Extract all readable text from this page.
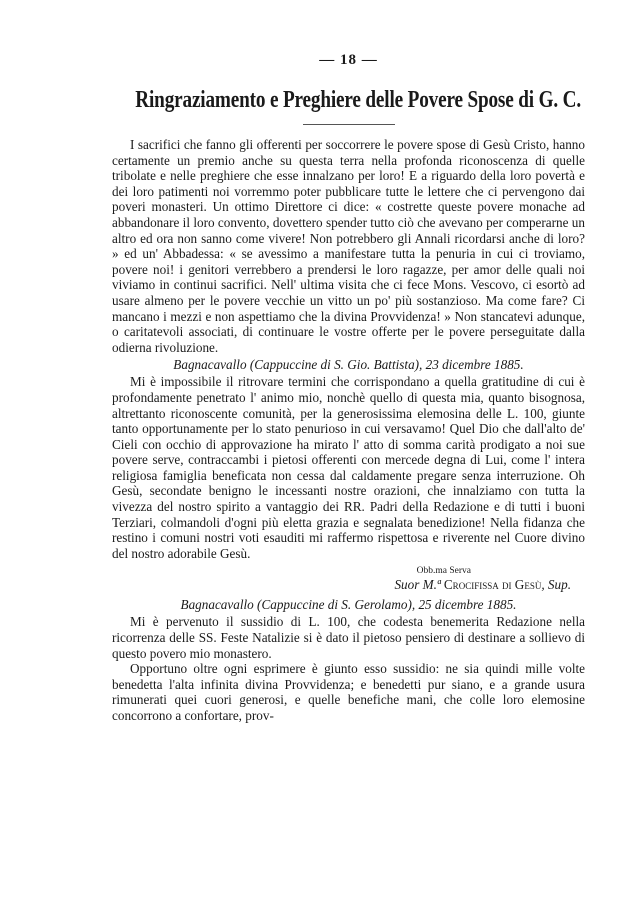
— 18 —
Ringraziamento e Preghiere delle Povere Spose di G. C.

I sacrifici che fanno gli offerenti per soccorrere le povere spose di Gesù Cristo, hanno certamente un premio anche su questa terra nella profonda riconoscenza di quelle tribolate e nelle preghiere che esse innalzano per loro! E a riguardo della loro povertà e dei loro patimenti noi vorremmo poter pubblicare tutte le lettere che ci pervengono dai poveri monasteri. Un ottimo Direttore ci dice: « costrette queste povere monache ad abbandonare il loro convento, dovettero spender tutto ciò che avevano per comperarne un altro ed ora non sanno come vivere! Non potrebbero gli Annali ricordarsi anche di loro? » ed un' Abbadessa: « se avessimo a manifestare tutta la penuria in cui ci troviamo, povere noi! i genitori verrebbero a prendersi le loro ragazze, per amor delle quali noi viviamo in continui sacrifici. Nell' ultima visita che ci fece Mons. Vescovo, ci esortò ad usare almeno per le povere vecchie un vitto un po' più sostanzioso. Ma come fare? Ci mancano i mezzi e non aspettiamo che la divina Provvidenza! » Non stancatevi adunque, o caritatevoli associati, di continuare le vostre offerte per le povere perseguitate dalla odierna rivoluzione.

Bagnacavallo (Cappuccine di S. Gio. Battista), 23 dicembre 1885.

Mi è impossibile il ritrovare termini che corrispondano a quella gratitudine di cui è profondamente penetrato l' animo mio, nonchè quello di questa mia, quanto bisognosa, altrettanto riconoscente comunità, per la generosissima elemosina delle L. 100, giunte tanto opportunamente per lo stato penurioso in cui versavamo! Quel Dio che dall'alto de' Cieli con occhio di approvazione ha mirato l' atto di somma carità prodigato a noi sue povere serve, contraccambi i pietosi offerenti con mercede degna di Lui, come l' intera religiosa famiglia beneficata non cessa dal caldamente pregare senza interruzione. Oh Gesù, secondate benigno le incessanti nostre orazioni, che innalziamo con tutta la vivezza del nostro spirito a vantaggio dei RR. Padri della Redazione e di tutti i buoni Terziari, colmandoli d'ogni più eletta grazia e segnalata benedizione! Nella fidanza che restino i comuni nostri voti esauditi mi raffermo rispettosa e riverente nel Cuore divino del nostro adorabile Gesù.

Obb.ma Serva
Suor M.ª Crocifissa di Gesù, Sup.
Bagnacavallo (Cappuccine di S. Gerolamo), 25 dicembre 1885.

Mi è pervenuto il sussidio di L. 100, che codesta benemerita Redazione nella ricorrenza delle SS. Feste Natalizie si è dato il pietoso pensiero di destinare a sollievo di questo povero mio monastero.

Opportuno oltre ogni esprimere è giunto esso sussidio: ne sia quindi mille volte benedetta l'alta infinita divina Provvidenza; e benedetti pur siano, e a grande usura rimunerati quei cuori generosi, e quelle benefiche mani, che colle loro elemosine concorrono a confortare, prov-
